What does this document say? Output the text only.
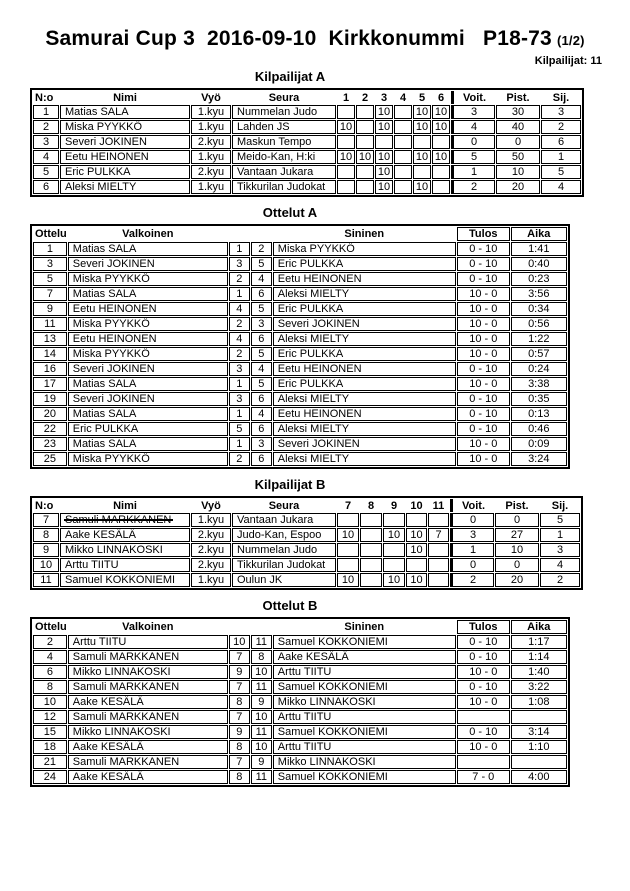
Samurai Cup 3  2016-09-10  Kirkkonummi   P18-73 (1/2)
Kilpailijat: 11
Kilpailijat A
N:o	Nimi	Vyö	Seura	1	2	3	4	5	6	Voit.	Pist.	Sij.
1	Matias SALA	1.kyu	Nummelan Judo			10		10	10	3	30	3
2	Miska PYYKKÖ	1.kyu	Lahden JS	10		10		10	10	4	40	2
3	Severi JOKINEN	2.kyu	Maskun Tempo							0	0	6
4	Eetu HEINONEN	1.kyu	Meido-Kan, H:ki	10	10	10		10	10	5	50	1
5	Eric PULKKA	2.kyu	Vantaan Jukara			10				1	10	5
6	Aleksi MIELTY	1.kyu	Tikkurilan Judokat			10		10		2	20	4
Ottelut A
Ottelu	Valkoinen			Sininen	Tulos	Aika
1	Matias SALA	1	2	Miska PYYKKÖ	0 - 10	1:41
3	Severi JOKINEN	3	5	Eric PULKKA	0 - 10	0:40
5	Miska PYYKKÖ	2	4	Eetu HEINONEN	0 - 10	0:23
7	Matias SALA	1	6	Aleksi MIELTY	10 - 0	3:56
9	Eetu HEINONEN	4	5	Eric PULKKA	10 - 0	0:34
11	Miska PYYKKÖ	2	3	Severi JOKINEN	10 - 0	0:56
13	Eetu HEINONEN	4	6	Aleksi MIELTY	10 - 0	1:22
14	Miska PYYKKÖ	2	5	Eric PULKKA	10 - 0	0:57
16	Severi JOKINEN	3	4	Eetu HEINONEN	0 - 10	0:24
17	Matias SALA	1	5	Eric PULKKA	10 - 0	3:38
19	Severi JOKINEN	3	6	Aleksi MIELTY	0 - 10	0:35
20	Matias SALA	1	4	Eetu HEINONEN	0 - 10	0:13
22	Eric PULKKA	5	6	Aleksi MIELTY	0 - 10	0:46
23	Matias SALA	1	3	Severi JOKINEN	10 - 0	0:09
25	Miska PYYKKÖ	2	6	Aleksi MIELTY	10 - 0	3:24
Kilpailijat B
N:o	Nimi	Vyö	Seura	7	8	9	10	11	Voit.	Pist.	Sij.
7	Samuli MARKKANEN	1.kyu	Vantaan Jukara						0	0	5
8	Aake KESÄLÄ	2.kyu	Judo-Kan, Espoo	10		10	10	7	3	27	1
9	Mikko LINNAKOSKI	2.kyu	Nummelan Judo				10		1	10	3
10	Arttu TIITU	2.kyu	Tikkurilan Judokat						0	0	4
11	Samuel KOKKONIEMI	1.kyu	Oulun JK	10		10	10		2	20	2
Ottelut B
Ottelu	Valkoinen			Sininen	Tulos	Aika
2	Arttu TIITU	10	11	Samuel KOKKONIEMI	0 - 10	1:17
4	Samuli MARKKANEN	7	8	Aake KESÄLÄ	0 - 10	1:14
6	Mikko LINNAKOSKI	9	10	Arttu TIITU	10 - 0	1:40
8	Samuli MARKKANEN	7	11	Samuel KOKKONIEMI	0 - 10	3:22
10	Aake KESÄLÄ	8	9	Mikko LINNAKOSKI	10 - 0	1:08
12	Samuli MARKKANEN	7	10	Arttu TIITU		
15	Mikko LINNAKOSKI	9	11	Samuel KOKKONIEMI	0 - 10	3:14
18	Aake KESÄLÄ	8	10	Arttu TIITU	10 - 0	1:10
21	Samuli MARKKANEN	7	9	Mikko LINNAKOSKI		
24	Aake KESÄLÄ	8	11	Samuel KOKKONIEMI	7 - 0	4:00
